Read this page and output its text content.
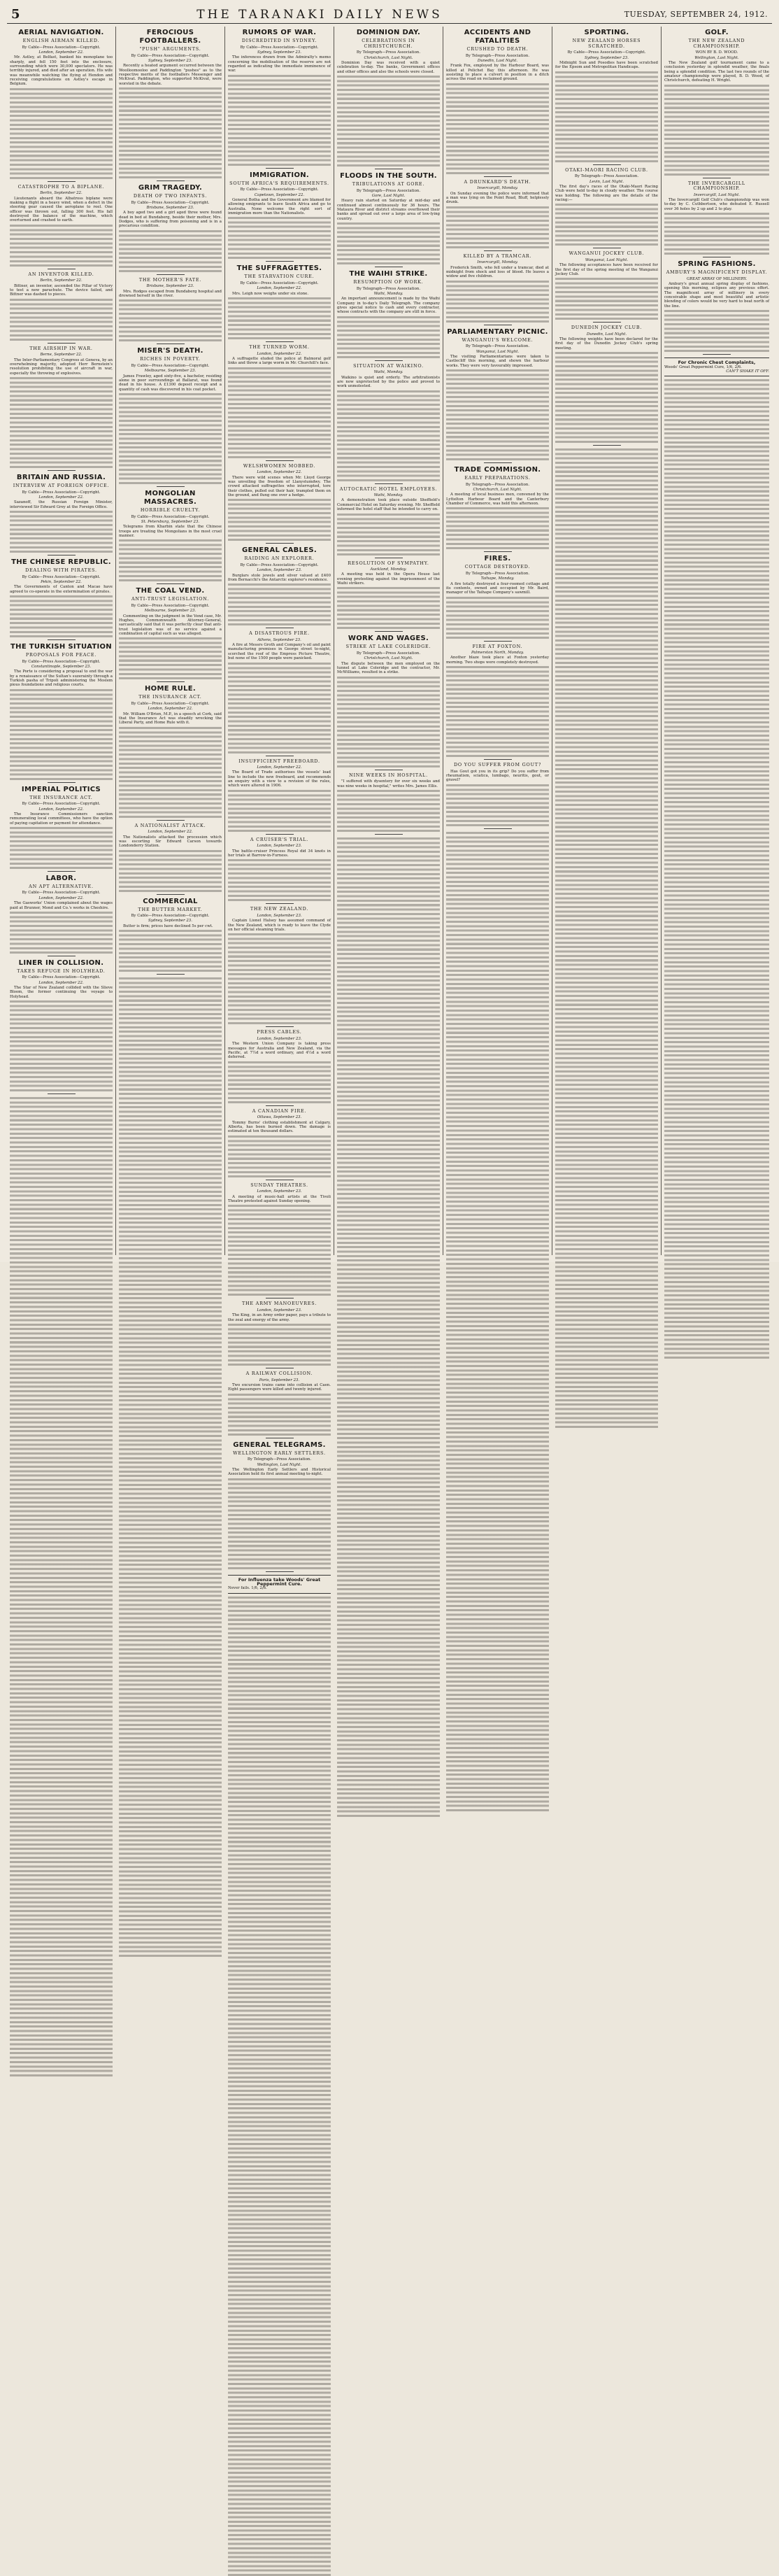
5	THE TARANAKI DAILY NEWS	TUESDAY, SEPTEMBER 24, 1912.
AERIAL NAVIGATION.
ENGLISH AIRMAN KILLED.
By Cable—Press Association—Copyright.
London, September 22.
Mr. Astley, at Belfast, banked his monoplane too sharply, and fell 150 feet into the enclosure, surrounding which were 30,000 spectators. He was terribly injured, and died after an operation. His wife was meanwhile watching the flying at Hendon and receiving congratulations on Astley's escape in Belgium.
CATASTROPHE TO A BIPLANE.
Berlin, September 22.
Lieutenants aboard the Albatross biplane were making a flight in a heavy wind, when a defect in the steering gear caused the aeroplane to reel. One officer was thrown out, falling 300 feet. His fall destroyed the balance of the machine, which overturned and crashed to earth.
AN INVENTOR KILLED.
Berlin, September 22.
Bittner, an inventor, ascended the Pillar of Victory to test a new parachute. The device failed, and Bittner was dashed to pieces.
THE AIRSHIP IN WAR.
Berne, September 22.
The Inter-Parliamentary Congress at Geneva, by an overwhelming majority, adopted Herr Bernstein's resolution prohibiting the use of aircraft in war, especially the throwing of explosives.
BRITAIN AND RUSSIA.
INTERVIEW AT FOREIGN OFFICE.
By Cable—Press Association—Copyright.
London, September 22.
Sazanoff, the Russian Foreign Minister, interviewed Sir Edward Grey at the Foreign Office.
THE CHINESE REPUBLIC.
DEALING WITH PIRATES.
By Cable—Press Association—Copyright.
Pekin, September 22.
The Governments of Canton and Macao have agreed to co-operate in the extermination of pirates.
THE TURKISH SITUATION
PROPOSALS FOR PEACE.
By Cable—Press Association—Copyright.
Constantinople, September 23.
The Porte is considering a proposal to end the war by a renaissance of the Sultan's suzerainty through a Turkish pasha of Tripoli administering the Moslem pious foundations and religious courts.
IMPERIAL POLITICS
THE INSURANCE ACT.
By Cable—Press Association—Copyright.
London, September 22.
The Insurance Commissioners sanction remunerating local committees, who have the option of paying capitation or payment for attendance.
LABOR.
AN APT ALTERNATIVE.
By Cable—Press Association—Copyright.
London, September 22.
The Gasworks' Union complained about the wages paid at Brunner, Mond and Co.'s works in Cheshire.
LINER IN COLLISION.
TAKES REFUGE IN HOLYHEAD.
By Cable—Press Association—Copyright.
London, September 22.
The Star of New Zealand collided with the Slieve Bloom, the former continuing the voyage to Holyhead.
FEROCIOUS FOOTBALLERS.
"PUSH" ARGUMENTS.
By Cable—Press Association—Copyright.
Sydney, September 23.
Recently a heated argument occurred between the Woolloomooloo and Paddington "pushes" as to the respective merits of the footballers Messenger and McKivat. Paddington, who supported McKivat, were worsted in the debate.
GRIM TRAGEDY.
DEATH OF TWO INFANTS.
By Cable—Press Association—Copyright.
Brisbane, September 23.
A boy aged two and a girl aged three were found dead in bed at Bundaberg, beside their mother, Mrs. Dodges, who is suffering from poisoning and is in a precarious condition.
THE MOTHER'S FATE.
Brisbane, September 23.
Mrs. Rodges escaped from Bundaberg hospital and drowned herself in the river.
MISER'S DEATH.
RICHES IN POVERTY.
By Cable—Press Association—Copyright.
Melbourne, September 23.
James Frawley, aged sixty-five, a bachelor, residing alone in poor surroundings at Ballarat, was found dead in his house. A £1300 deposit receipt and a quantity of cash was discovered in his coat pocket.
MONGOLIAN MASSACRES.
HORRIBLE CRUELTY.
By Cable—Press Association—Copyright.
St. Petersburg, September 23.
Telegrams from Kharbin state that the Chinese troops are treating the Mongolians in the most cruel manner.
THE COAL VEND.
ANTI-TRUST LEGISLATION.
By Cable—Press Association—Copyright.
Melbourne, September 23.
Commenting on the judgment in the Vend case, Mr. Hughes, Commonwealth Attorney-General, sarcastically said that it was perfectly clear that anti-trust legislation was of no service against a combination of capital such as was alleged.
HOME RULE.
THE INSURANCE ACT.
By Cable—Press Association—Copyright.
London, September 22.
Mr. William O'Brien, M.P., in a speech at Cork, said that the Insurance Act was steadily wrecking the Liberal Party, and Home Rule with it.
A NATIONALIST ATTACK.
London, September 22.
The Nationalists attacked the procession which was escorting Sir Edward Carson towards Londonderry Station.
COMMERCIAL
THE BUTTER MARKET.
By Cable—Press Association—Copyright.
Sydney, September 23.
Butter is firm; prices have declined 5s per cwt.
RUMORS OF WAR.
DISCREDITED IN SYDNEY.
By Cable—Press Association—Copyright.
Sydney, September 23.
The inferences drawn from the Admiralty's memo concerning the mobilisation of the reserve are not regarded as indicating the immediate imminence of war.
IMMIGRATION.
SOUTH AFRICA'S REQUIREMENTS.
By Cable—Press Association—Copyright.
Capetown, September 22.
General Botha and the Government are blamed for allowing emigrants to leave South Africa and go to Australia. None welcome the right sort of immigration more than the Nationalists.
THE SUFFRAGETTES.
THE STARVATION CURE.
By Cable—Press Association—Copyright.
London, September 22.
Mrs. Leigh now weighs under six stone.
THE TURNED WORM.
London, September 22.
A suffragette eluded the police at Balmoral golf links and threw a large worm in Mr. Churchill's face.
WELSHWOMEN MOBBED.
London, September 22.
There were wild scenes when Mr. Lloyd George was unveiling the freedom of Llanystumdwy. The crowd attacked suffragettes who interrupted, tore their clothes, pulled out their hair, trampled them on the ground, and flung one over a hedge.
GENERAL CABLES.
RAIDING AN EXPLORER.
By Cable—Press Association—Copyright.
London, September 23.
Burglars stole jewels and silver valued at £400 from Bernacchi's the Antarctic explorer's residence.
A DISASTROUS FIRE.
Athens, September 23.
A fire at Messrs Groth and Company's oil and paint manufacturing premises in George street to-night, scorched the roof of the Empress Picture Theatre, but none of the 1500 people were panicked.
INSUFFICIENT FREEBOARD.
London, September 22.
The Board of Trade authorises the vessels' load line to include the new freeboard, and recommends an enquiry with a view to a revision of the rules, which were altered in 1906.
A CRUISER'S TRIAL.
London, September 23.
The battle-cruiser Princess Royal did 34 knots in her trials at Barrow-in-Furness.
THE NEW ZEALAND.
London, September 23.
Captain Lionel Halsey has assumed command of the New Zealand, which is ready to leave the Clyde on her official steaming trials.
PRESS CABLES.
London, September 23.
The Western Union Company is taking press messages for Australia and New Zealand, via the Pacific, at 7½d a word ordinary, and 4½d a word deferred.
A CANADIAN FIRE.
Ottawa, September 23.
Tommy Burns' clothing establishment at Calgary, Alberta, has been burned down. The damage is estimated at ten thousand dollars.
SUNDAY THEATRES.
London, September 23.
A meeting of music-hall artists at the Tivoli Theatre protested against Sunday opening.
THE ARMY MANOEUVRES.
London, September 23.
The King, in an Army order paper, pays a tribute to the zeal and energy of the army.
A RAILWAY COLLISION.
Paris, September 23.
Two excursion trains came into collision at Caen. Eight passengers were killed and twenty injured.
GENERAL TELEGRAMS.
WELLINGTON EARLY SETTLERS.
By Telegraph—Press Association.
Wellington, Last Night.
The Wellington Early Settlers and Historical Association held its first annual meeting to-night.
For Influenza take Woods' Great Peppermint Cure.
Never fails. 1/6, 2/6.
DOMINION DAY.
CELEBRATIONS IN CHRISTCHURCH.
By Telegraph—Press Association.
Christchurch, Last Night.
Dominion Day was received with a quiet celebration to-day. The banks, Government offices and other offices and also the schools were closed.
FLOODS IN THE SOUTH.
TRIBULATIONS AT GORE.
By Telegraph—Press Association.
Gore, Last Night.
Heavy rain started on Saturday at mid-day and continued almost continuously for 36 hours. The Mataura River and district streams overflowed their banks and spread out over a large area of low-lying country.
THE WAIHI STRIKE.
RESUMPTION OF WORK.
By Telegraph—Press Association.
Waihi, Monday.
An important announcement is made by the Waihi Company in to-day's Daily Telegraph. The company gives special notice to cash and every contractor, whose contracts with the company are still in force.
SITUATION AT WAIKINO.
Waihi, Monday.
Waikino is quiet and orderly. The arbitrationists are now unprotected by the police and proved to work unmolested.
AUTOCRATIC HOTEL EMPLOYEES.
Waihi, Monday.
A demonstration took place outside Sheffield's Commercial Hotel on Saturday evening. Mr. Sheffield informed the hotel staff that he intended to carry on.
RESOLUTION OF SYMPATHY.
Auckland, Monday.
A meeting was held in the Opera House last evening protesting against the imprisonment of the Waihi strikers.
WORK AND WAGES.
STRIKE AT LAKE COLERIDGE.
By Telegraph—Press Association.
Christchurch, Last Night.
The dispute between the men employed on the tunnel at Lake Coleridge and the contractor, Mr. McWilliams, resulted in a strike.
NINE WEEKS IN HOSPITAL.
"I suffered with dysentery for over six weeks and was nine weeks in hospital," writes Mrs. James Ellis.
ACCIDENTS AND FATALITIES
CRUSHED TO DEATH.
By Telegraph—Press Association.
Dunedin, Last Night.
Frank Fox, employed by the Harbour Board, was killed at Pelichet Bay this afternoon. He was assisting to place a culvert in position in a ditch across the road on reclaimed ground.
A DRUNKARD'S DEATH.
Invercargill, Monday.
On Sunday evening the police were informed that a man was lying on the Point Road, Bluff, helplessly drunk.
KILLED BY A TRAMCAR.
Invercargill, Monday.
Frederick Smith, who fell under a tramcar, died at midnight from shock and loss of blood. He leaves a widow and five children.
PARLIAMENTARY PICNIC.
WANGANUI'S WELCOME.
By Telegraph—Press Association.
Wanganui, Last Night.
The visiting Parliamentarians were taken to Castlecliff this morning, and shown the harbour works. They were very favourably impressed.
TRADE COMMISSION.
EARLY PREPARATIONS.
By Telegraph—Press Association.
Christchurch, Last Night.
A meeting of local business men, convened by the Lyttelton Harbour Board and the Canterbury Chamber of Commerce, was held this afternoon.
FIRES.
COTTAGE DESTROYED.
By Telegraph—Press Association.
Taihape, Monday.
A fire totally destroyed a four-roomed cottage and its contents, owned and occupied by Mr. Baird, manager of the Taihape Company's sawmill.
FIRE AT FOXTON.
Palmerston North, Monday.
Another blaze took place at Foxton yesterday morning. Two shops were completely destroyed.
DO YOU SUFFER FROM GOUT?
Has Gout got you in its grip? Do you suffer from rheumatism, sciatica, lumbago, neuritis, gout, or gravel?
SPORTING.
NEW ZEALAND HORSES SCRATCHED.
By Cable—Press Association—Copyright.
Sydney, September 23.
Midnight Sun and Posodies have been scratched for the Epsom and Metropolitan Handicaps.
OTAKI-MAORI RACING CLUB.
By Telegraph—Press Association.
Levin, Last Night.
The first day's races of the Otaki-Maori Racing Club were held to-day in cloudy weather. The course was holding. The following are the details of the racing:—
WANGANUI JOCKEY CLUB.
Wanganui, Last Night.
The following acceptances have been received for the first day of the spring meeting of the Wanganui Jockey Club.
DUNEDIN JOCKEY CLUB.
Dunedin, Last Night.
The following weights have been declared for the first day of the Dunedin Jockey Club's spring meeting.
GOLF.
THE NEW ZEALAND CHAMPIONSHIP.
WON BY B. D. WOOD.
Wellington, Last Night.
The New Zealand golf tournament came to a conclusion yesterday in splendid weather, the finals being a splendid condition. The last two rounds of the amateur championship were played, B. D. Wood, of Christchurch, defeating H. Wright.
THE INVERCARGILL CHAMPIONSHIP.
Invercargill, Last Night.
The Invercargill Golf Club's championship was won to-day by C. Cuthbertson, who defeated E. Russell over 36 holes by 2 up and 2 to play.
SPRING FASHIONS.
AMBURY'S MAGNIFICENT DISPLAY.
GREAT ARRAY OF MILLINERY.
Ambury's great annual spring display of fashions, opening this morning, eclipses any previous effort. The magnificent array of millinery in every conceivable shape and most beautiful and artistic blending of colors would be very hard to beat north of the line.
For Chronic Chest Complaints,
Woods' Great Peppermint Cure, 1/6, 2/6.
CAN'T SHAKE IT OFF.
